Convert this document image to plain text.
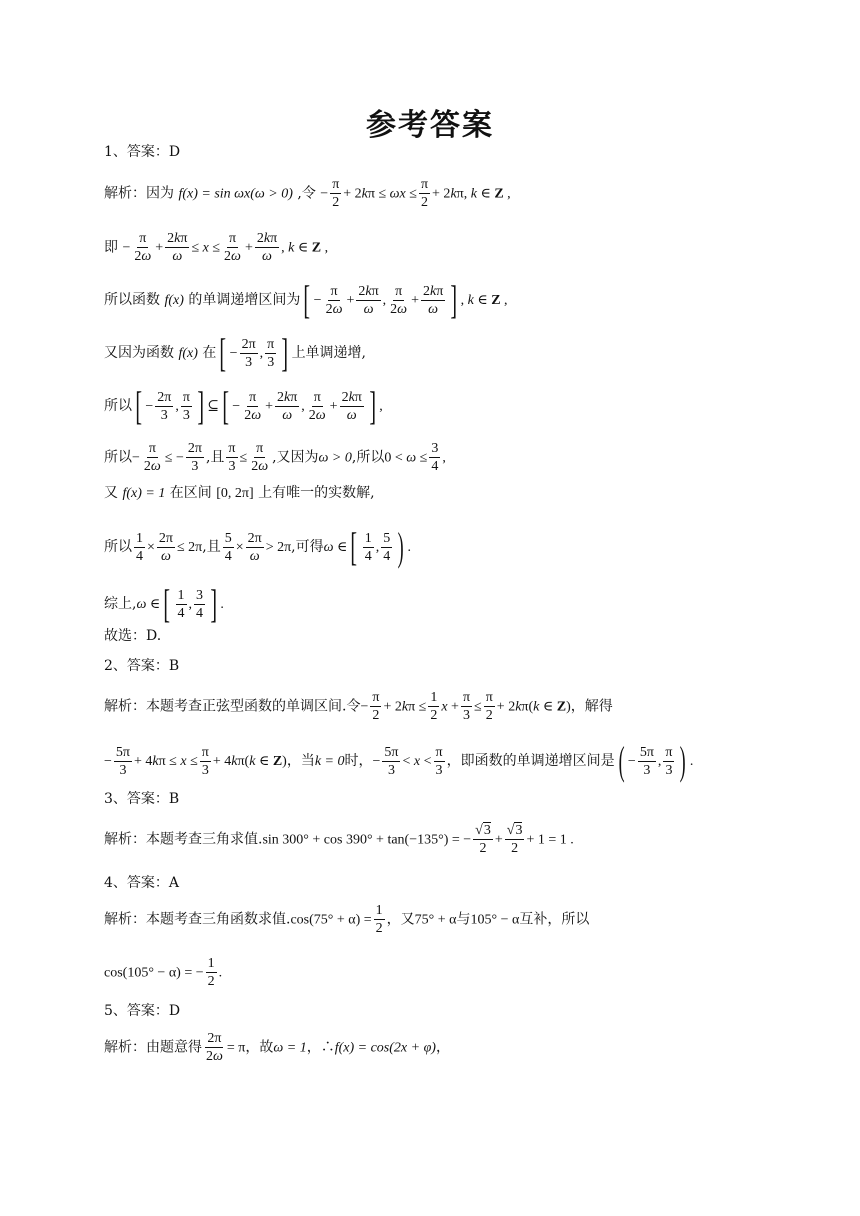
参考答案
1、答案：D
解析：因为 f(x) = sin ωx(ω > 0) ,令 − $\frac{\pi}{2} + 2k\pi \le \omega x \le \frac{\pi}{2} + 2k\pi$, k ∈ Z ,
即 − $\frac{\pi}{2\omega} + \frac{2k\pi}{\omega} \le x \le \frac{\pi}{2\omega} + \frac{2k\pi}{\omega}$ , k ∈ Z ,
所以函数 f(x) 的单调递增区间为[ − $\frac{\pi}{2\omega} + \frac{2k\pi}{\omega}$ , $\frac{\pi}{2\omega} + \frac{2k\pi}{\omega}$ ] , k ∈ Z ,
又因为函数 f(x) 在[ − $\frac{2\pi}{3}$ , $\frac{\pi}{3}$ ] 上单调递增,
所以[ − $\frac{2\pi}{3}$ , $\frac{\pi}{3}$ ] ⊆[ − $\frac{\pi}{2\omega} + \frac{2k\pi}{\omega}$ , $\frac{\pi}{2\omega} + \frac{2k\pi}{\omega}$ ] ,
所以− $\frac{\pi}{2\omega}$ ≤ − $\frac{2\pi}{3}$ ,且 $\frac{\pi}{3} \le \frac{\pi}{2\omega}$ ,又因为ω > 0,所以$0 < \omega \le \frac{3}{4}$ ,
又 f(x) = 1 在区间 [0, 2π] 上有唯一的实数解,
所以 $\frac{1}{4} \times \frac{2\pi}{\omega} \le 2\pi$,且 $\frac{5}{4} \times \frac{2\pi}{\omega} > 2\pi$,可得ω ∈[ $\frac{1}{4}$ , $\frac{5}{4}$ ) .
综上,ω ∈[ $\frac{1}{4}$ , $\frac{3}{4}$ ] .
故选：D.
2、答案：B
解析：本题考查正弦型函数的单调区间.令− $\frac{\pi}{2} + 2k\pi \le \frac{1}{2}$ $x + \frac{\pi}{3} \le \frac{\pi}{2} + 2k\pi(k$ ∈ Z)，解得
− $\frac{5\pi}{3} + 4k\pi \le x \le \frac{\pi}{3} + 4k\pi(k$ ∈ Z)，当k = 0时，− $\frac{5\pi}{3} < x < \frac{\pi}{3}$ ，即函数的单调递增区间是( − $\frac{5\pi}{3}$ , $\frac{\pi}{3}$ ) .
3、答案：B
解析：本题考查三角求值.sin 300° + cos 390° + tan(−135°) = − $\frac{√3}{2} + \frac{√3}{2} + 1 = 1$ .
4、答案：A
解析：本题考查三角函数求值$.\cos(75^\circ + \alpha) = \frac{1}{2}$ ，又75° + α与105° − α互补，所以
cos(105° − α) = − $\frac{1}{2}$ .
5、答案：D
解析：由题意得 $\frac{2\pi}{2\omega} = \pi$，故ω = 1，∴f(x) = cos(2x + φ)，
